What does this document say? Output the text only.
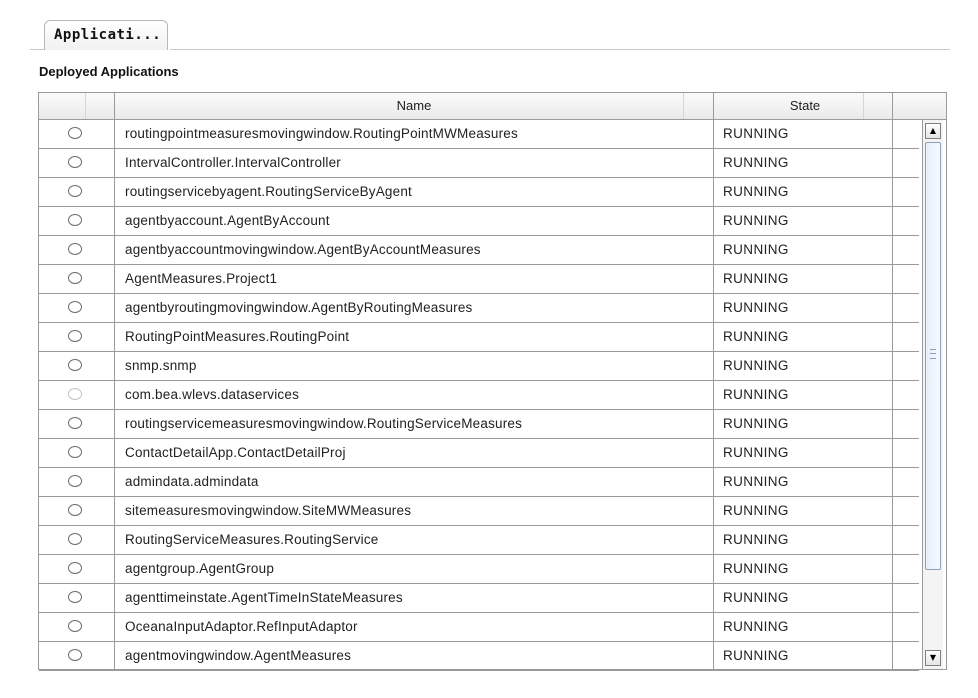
Applicati...
Deployed Applications
Name	State
routingpointmeasuresmovingwindow.RoutingPointMWMeasures	RUNNING
IntervalController.IntervalController	RUNNING
routingservicebyagent.RoutingServiceByAgent	RUNNING
agentbyaccount.AgentByAccount	RUNNING
agentbyaccountmovingwindow.AgentByAccountMeasures	RUNNING
AgentMeasures.Project1	RUNNING
agentbyroutingmovingwindow.AgentByRoutingMeasures	RUNNING
RoutingPointMeasures.RoutingPoint	RUNNING
snmp.snmp	RUNNING
com.bea.wlevs.dataservices	RUNNING
routingservicemeasuresmovingwindow.RoutingServiceMeasures	RUNNING
ContactDetailApp.ContactDetailProj	RUNNING
admindata.admindata	RUNNING
sitemeasuresmovingwindow.SiteMWMeasures	RUNNING
RoutingServiceMeasures.RoutingService	RUNNING
agentgroup.AgentGroup	RUNNING
agenttimeinstate.AgentTimeInStateMeasures	RUNNING
OceanaInputAdaptor.RefInputAdaptor	RUNNING
agentmovingwindow.AgentMeasures	RUNNING
▲
▼
